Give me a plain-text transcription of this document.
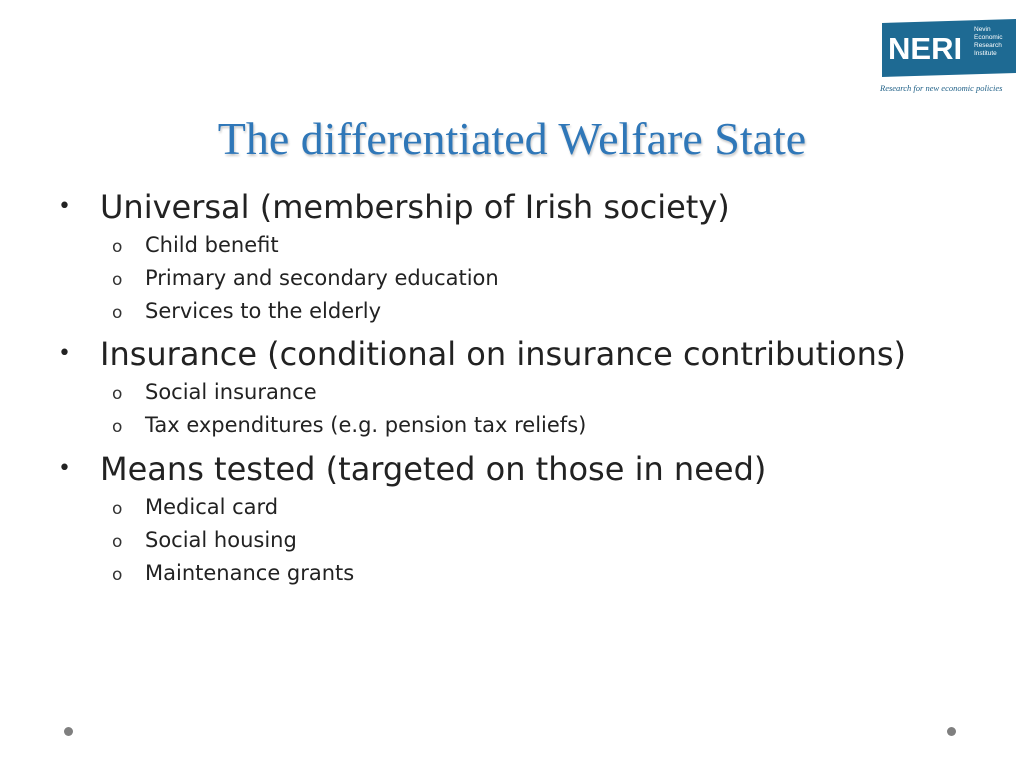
NERI
Nevin
Economic
Research
Institute
Research for new economic policies
The differentiated Welfare State
• Universal (membership of Irish society)
o Child benefit
o Primary and secondary education
o Services to the elderly
• Insurance (conditional on insurance contributions)
o Social insurance
o Tax expenditures (e.g. pension tax reliefs)
• Means tested (targeted on those in need)
o Medical card
o Social housing
o Maintenance grants
